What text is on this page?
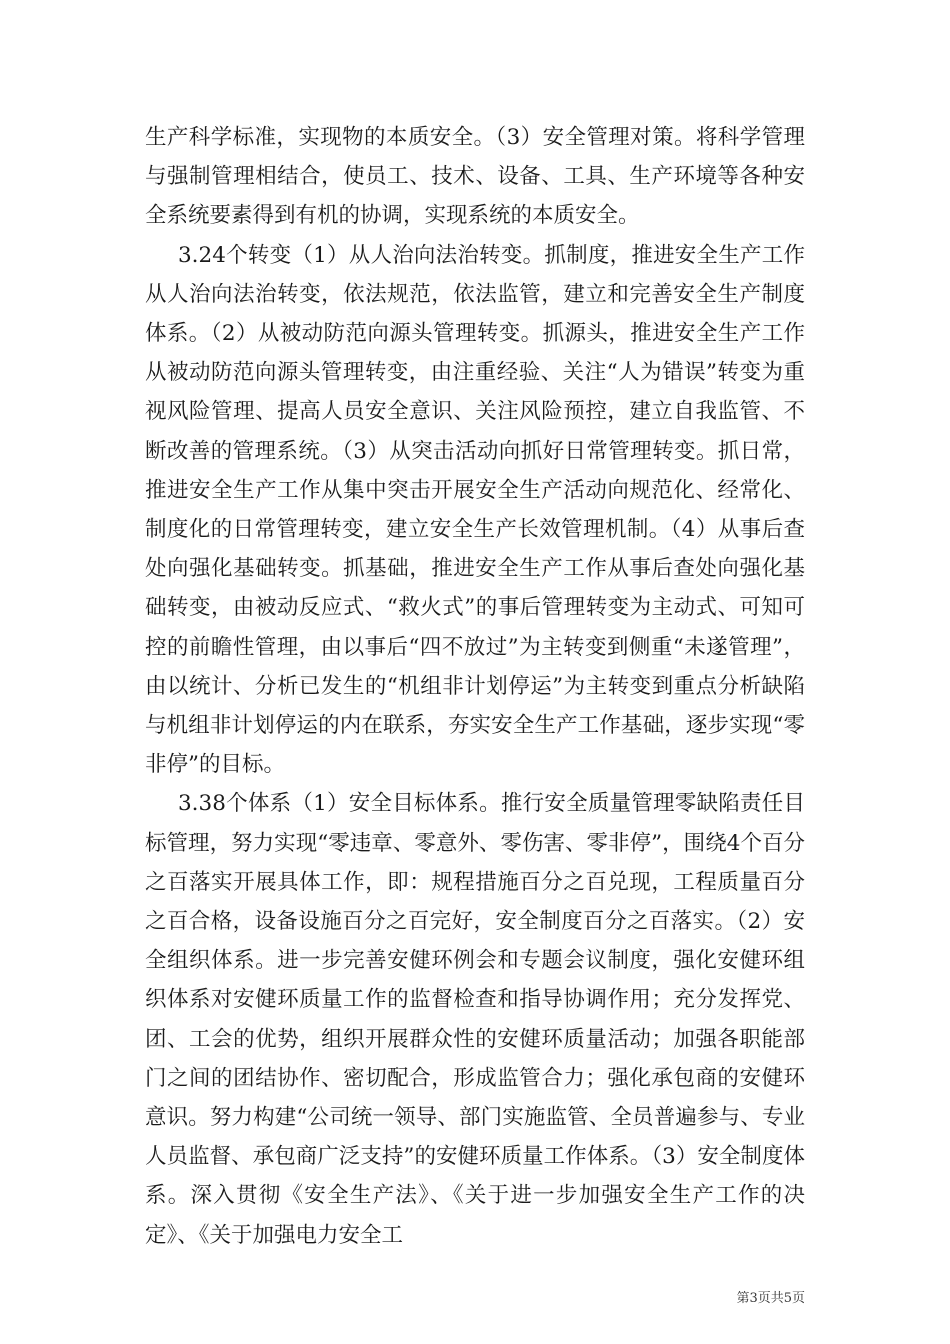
生产科学标准，实现物的本质安全。（3）安全管理对策。将科学管理与强制管理相结合，使员工、技术、设备、工具、生产环境等各种安全系统要素得到有机的协调，实现系统的本质安全。

3.24个转变（1）从人治向法治转变。抓制度，推进安全生产工作从人治向法治转变，依法规范，依法监管，建立和完善安全生产制度体系。（2）从被动防范向源头管理转变。抓源头，推进安全生产工作从被动防范向源头管理转变，由注重经验、关注“人为错误”转变为重视风险管理、提高人员安全意识、关注风险预控，建立自我监管、不断改善的管理系统。（3）从突击活动向抓好日常管理转变。抓日常，推进安全生产工作从集中突击开展安全生产活动向规范化、经常化、制度化的日常管理转变，建立安全生产长效管理机制。（4）从事后查处向强化基础转变。抓基础，推进安全生产工作从事后查处向强化基础转变，由被动反应式、“救火式”的事后管理转变为主动式、可知可控的前瞻性管理，由以事后“四不放过”为主转变到侧重“未遂管理”，由以统计、分析已发生的“机组非计划停运”为主转变到重点分析缺陷与机组非计划停运的内在联系，夯实安全生产工作基础，逐步实现“零非停”的目标。

3.38个体系（1）安全目标体系。推行安全质量管理零缺陷责任目标管理，努力实现“零违章、零意外、零伤害、零非停”，围绕4个百分之百落实开展具体工作，即：规程措施百分之百兑现，工程质量百分之百合格，设备设施百分之百完好，安全制度百分之百落实。（2）安全组织体系。进一步完善安健环例会和专题会议制度，强化安健环组织体系对安健环质量工作的监督检查和指导协调作用；充分发挥党、团、工会的优势，组织开展群众性的安健环质量活动；加强各职能部门之间的团结协作、密切配合，形成监管合力；强化承包商的安健环意识。努力构建“公司统一领导、部门实施监管、全员普遍参与、专业人员监督、承包商广泛支持”的安健环质量工作体系。（3）安全制度体系。深入贯彻《安全生产法》、《关于进一步加强安全生产工作的决定》、《关于加强电力安全工

第3页共5页
